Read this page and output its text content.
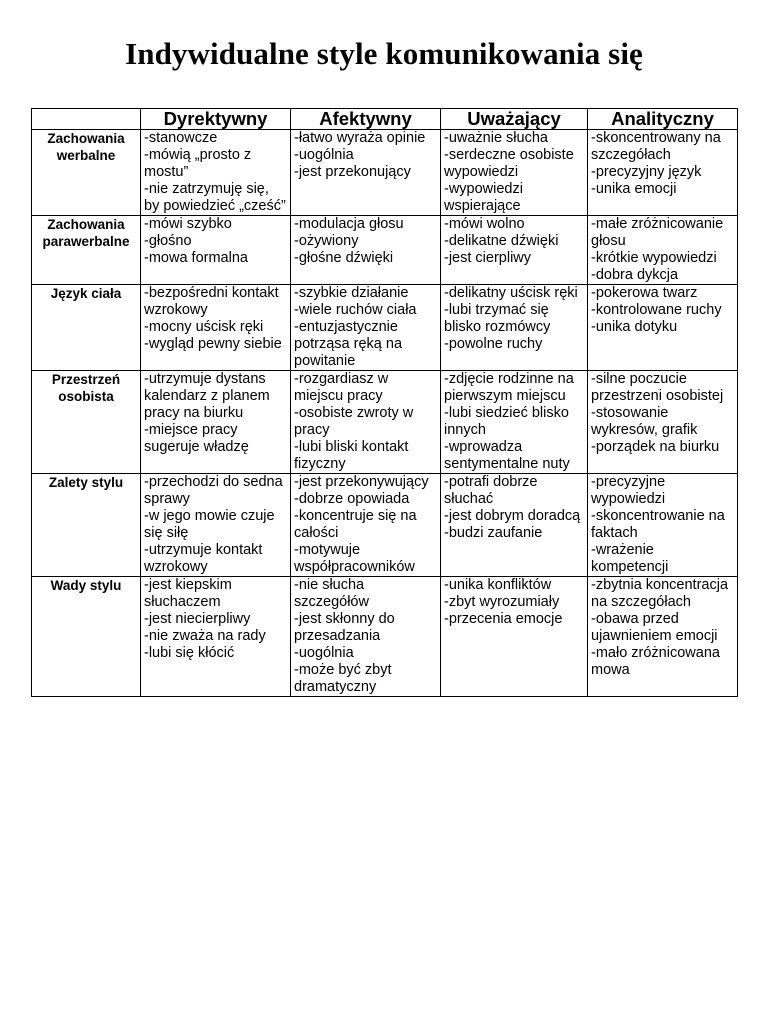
Indywidualne style komunikowania się
	Dyrektywny	Afektywny	Uważający	Analityczny

Zachowania
werbalne	-stanowcze
-mówią „prosto z mostu”
-nie zatrzymuję się, by powiedzieć „cześć”	-łatwo wyraża opinie
-uogólnia
-jest przekonujący	-uważnie słucha
-serdeczne osobiste wypowiedzi
-wypowiedzi wspierające	-skoncentrowany na szczegółach
-precyzyjny język
-unika emocji

Zachowania
parawerbalne	-mówi szybko
-głośno
-mowa formalna	-modulacja głosu
-ożywiony
-głośne dźwięki	-mówi wolno
-delikatne dźwięki
-jest cierpliwy	-małe zróżnicowanie głosu
-krótkie wypowiedzi
-dobra dykcja

Język ciała	-bezpośredni kontakt wzrokowy
-mocny uścisk ręki
-wygląd pewny siebie	-szybkie działanie
-wiele ruchów ciała
-entuzjastycznie potrząsa ręką na powitanie	-delikatny uścisk ręki
-lubi trzymać się blisko rozmówcy
-powolne ruchy	-pokerowa twarz
-kontrolowane ruchy
-unika dotyku

Przestrzeń
osobista	-utrzymuje dystans kalendarz z planem pracy na biurku
-miejsce pracy sugeruje władzę	-rozgardiasz w miejscu pracy
-osobiste zwroty w pracy
-lubi bliski kontakt fizyczny	-zdjęcie rodzinne na pierwszym miejscu
-lubi siedzieć blisko innych
-wprowadza sentymentalne nuty	-silne poczucie przestrzeni osobistej
-stosowanie wykresów, grafik
-porządek na biurku

Zalety stylu	-przechodzi do sedna sprawy
-w jego mowie czuje się siłę
-utrzymuje kontakt wzrokowy	-jest przekonywujący
-dobrze opowiada
-koncentruje się na całości
-motywuje współpracowników	-potrafi dobrze słuchać
-jest dobrym doradcą
-budzi zaufanie	-precyzyjne wypowiedzi
-skoncentrowanie na faktach
-wrażenie kompetencji

Wady stylu	-jest kiepskim słuchaczem
-jest niecierpliwy
-nie zważa na rady
-lubi się kłócić	-nie słucha szczegółów
-jest skłonny do przesadzania
-uogólnia
-może być zbyt dramatyczny	-unika konfliktów
-zbyt wyrozumiały
-przecenia emocje	-zbytnia koncentracja na szczegółach
-obawa przed ujawnieniem emocji
-mało zróżnicowana mowa
